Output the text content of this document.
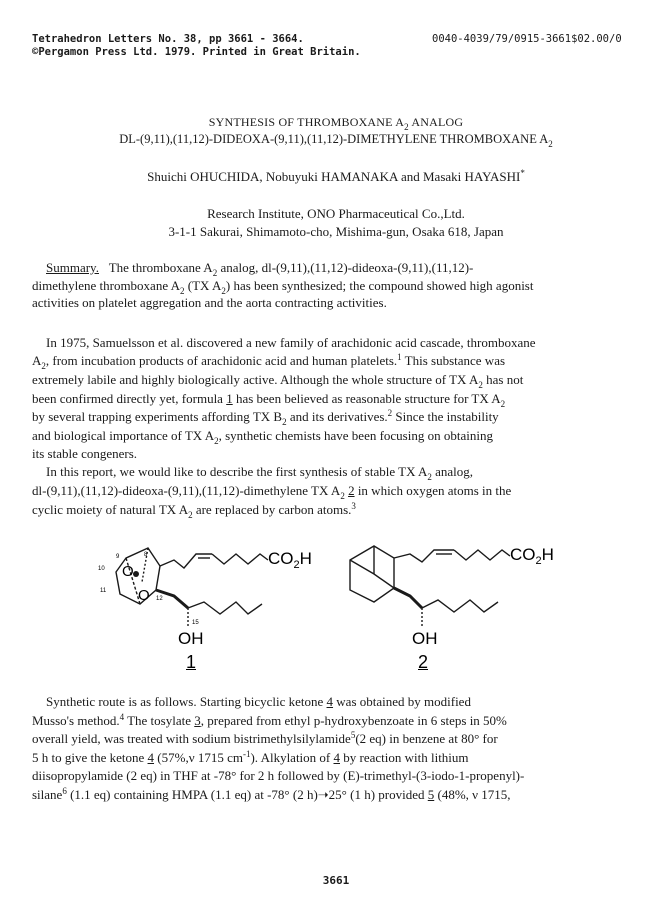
Tetrahedron Letters No. 38, pp 3661 - 3664.
©Pergamon Press Ltd. 1979. Printed in Great Britain.
0040-4039/79/0915-3661$02.00/0
SYNTHESIS OF THROMBOXANE $A_2$ ANALOG
DL-(9,11),(11,12)-DIDEOXA-(9,11),(11,12)-DIMETHYLENE THROMBOXANE $A_2$
Shuichi OHUCHIDA, Nobuyuki HAMANAKA and Masaki HAYASHI*
Research Institute, ONO Pharmaceutical Co.,Ltd.
3-1-1 Sakurai, Shimamoto-cho, Mishima-gun, Osaka 618, Japan
Summary. The thromboxane $A_2$ analog, dl-(9,11),(11,12)-dideoxa-(9,11),(11,12)-
dimethylene thromboxane $A_2$ (TX $A_2$) has been synthesized; the compound showed high agonist
activities on platelet aggregation and the aorta contracting activities.
In 1975, Samuelsson et al. discovered a new family of arachidonic acid cascade, thromboxane
$A_2$, from incubation products of arachidonic acid and human platelets.$^1$ This substance was
extremely labile and highly biologically active. Although the whole structure of TX $A_2$ has not
been confirmed directly yet, formula 1 has been believed as reasonable structure for TX $A_2$
by several trapping experiments affording TX $B_2$ and its derivatives.$^2$ Since the instability
and biological importance of TX $A_2$, synthetic chemists have been focusing on obtaining
its stable congeners.
In this report, we would like to describe the first synthesis of stable TX $A_2$ analog,
dl-(9,11),(11,12)-dideoxa-(9,11),(11,12)-dimethylene TX $A_2$ 2 in which oxygen atoms in the
cyclic moiety of natural TX $A_2$ are replaced by carbon atoms.$^3$
9
10
11
12
8
15
O
O
$CO_2H$
OH
1
$CO_2H$
OH
2
Synthetic route is as follows. Starting bicyclic ketone 4 was obtained by modified
Musso's method.$^4$ The tosylate 3, prepared from ethyl p-hydroxybenzoate in 6 steps in 50%
overall yield, was treated with sodium bistrimethylsilylamide$^5$(2 eq) in benzene at 80° for
5 h to give the ketone 4 (57%,ν 1715 $cm^{-1}$). Alkylation of 4 by reaction with lithium
diisopropylamide (2 eq) in THF at -78° for 2 h followed by (E)-trimethyl-(3-iodo-1-propenyl)-
silane$^6$ (1.1 eq) containing HMPA (1.1 eq) at -78° (2 h)➝25° (1 h) provided 5 (48%, ν 1715,
3661
